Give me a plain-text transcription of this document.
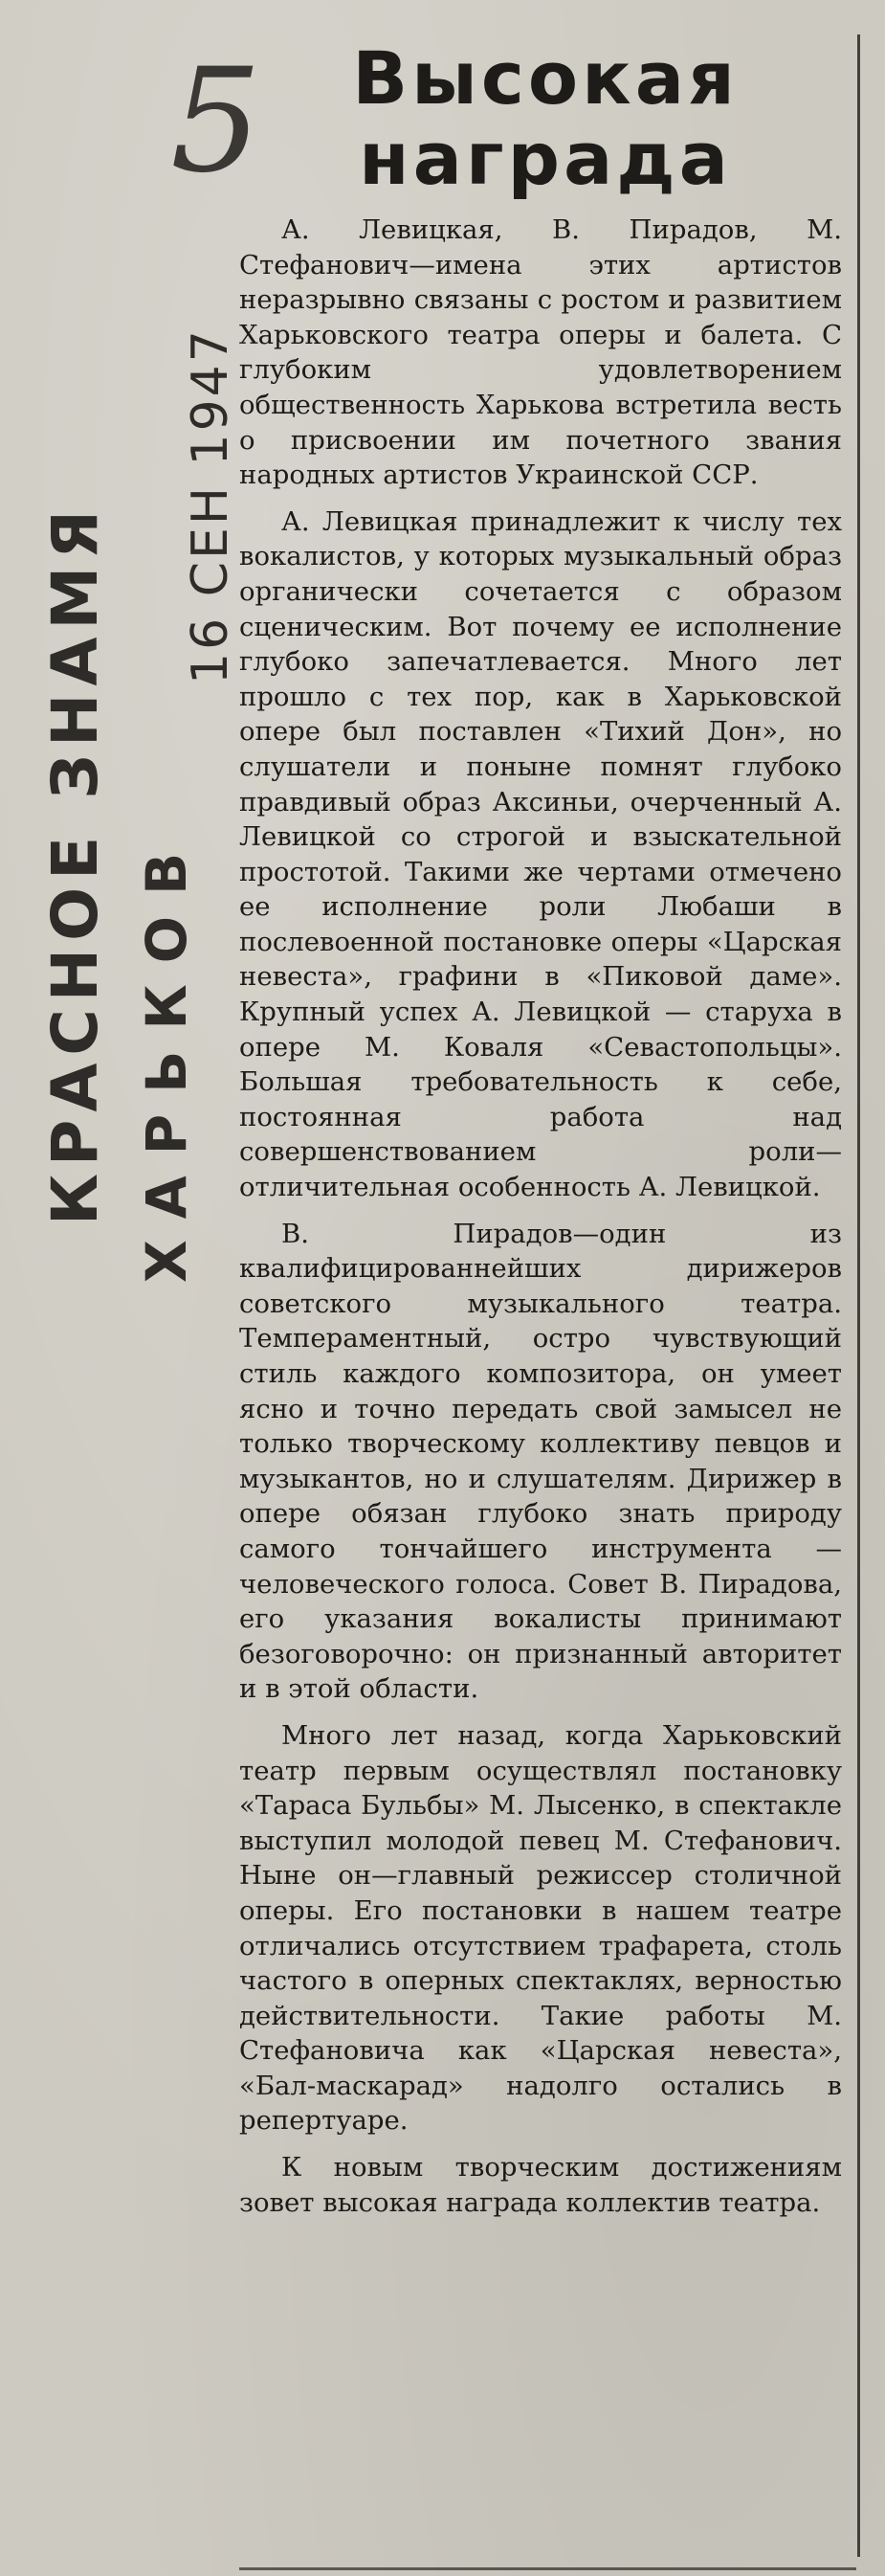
5
КРАСНОЕ ЗНАМЯ ХАРЬКОВ
16 СЕН 1947
Высокая
награда

А. Левицкая, В. Пирадов, М. Стефанович—имена этих артистов неразрывно связаны с ростом и развитием Харьковского театра оперы и балета. С глубоким удовлетворением общественность Харькова встретила весть о присвоении им почетного звания народных артистов Украинской ССР.

А. Левицкая принадлежит к числу тех вокалистов, у которых музыкальный образ органически сочетается с образом сценическим. Вот почему ее исполнение глубоко запечатлевается. Много лет прошло с тех пор, как в Харьковской опере был поставлен «Тихий Дон», но слушатели и поныне помнят глубоко правдивый образ Аксиньи, очерченный А. Левицкой со строгой и взыскательной простотой. Такими же чертами отмечено ее исполнение роли Любаши в послевоенной постановке оперы «Царская невеста», графини в «Пиковой даме». Крупный успех А. Левицкой — старуха в опере М. Коваля «Севастопольцы». Большая требовательность к себе, постоянная работа над совершенствованием роли—отличительная особенность А. Левицкой.

В. Пирадов—один из квалифицированнейших дирижеров советского музыкального театра. Темпераментный, остро чувствующий стиль каждого композитора, он умеет ясно и точно передать свой замысел не только творческому коллективу певцов и музыкантов, но и слушателям. Дирижер в опере обязан глубоко знать природу самого тончайшего инструмента — человеческого голоса. Совет В. Пирадова, его указания вокалисты принимают безоговорочно: он признанный авторитет и в этой области.

Много лет назад, когда Харьковский театр первым осуществлял постановку «Тараса Бульбы» М. Лысенко, в спектакле выступил молодой певец М. Стефанович. Ныне он—главный режиссер столичной оперы. Его постановки в нашем театре отличались отсутствием трафарета, столь частого в оперных спектаклях, верностью действительности. Такие работы М. Стефановича как «Царская невеста», «Бал-маскарад» надолго остались в репертуаре.

К новым творческим достижениям зовет высокая награда коллектив театра.
